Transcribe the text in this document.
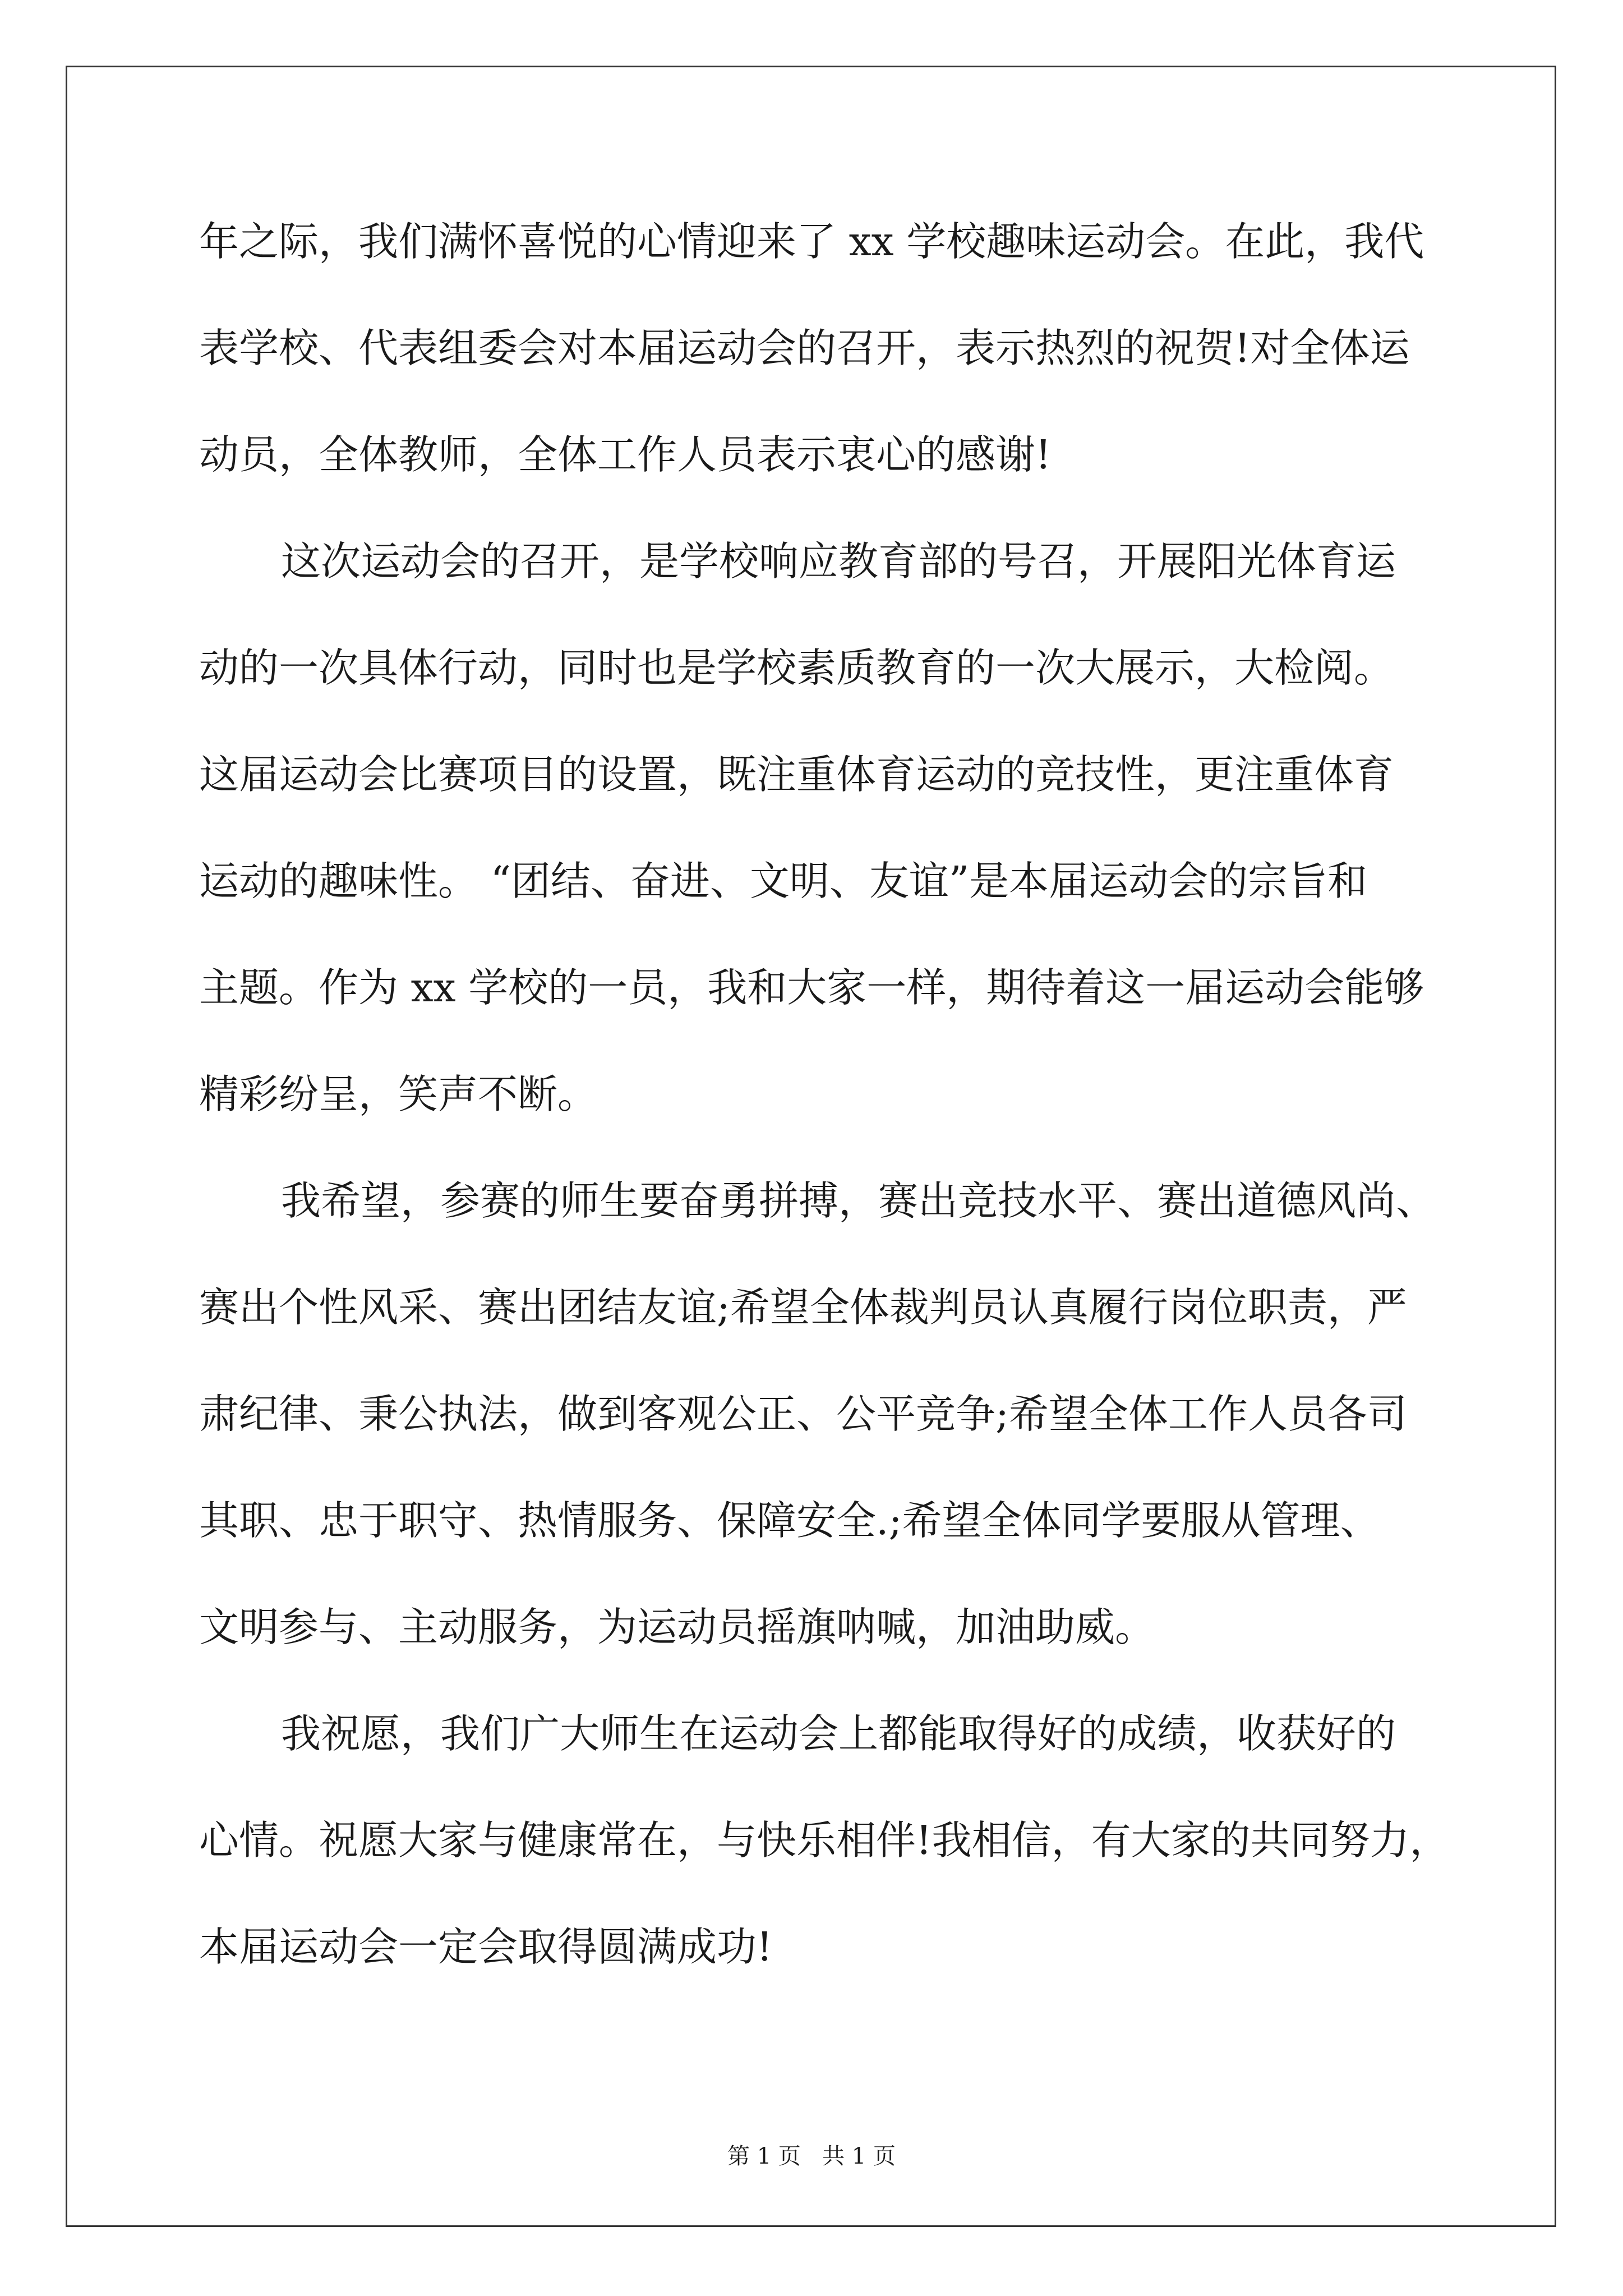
年之际，我们满怀喜悦的心情迎来了 xx 学校趣味运动会。在此，我代
表学校、代表组委会对本届运动会的召开，表示热烈的祝贺!对全体运
动员，全体教师，全体工作人员表示衷心的感谢!
这次运动会的召开，是学校响应教育部的号召，开展阳光体育运
动的一次具体行动，同时也是学校素质教育的一次大展示，大检阅。
这届运动会比赛项目的设置，既注重体育运动的竞技性，更注重体育
运动的趣味性。 “团结、奋进、文明、友谊”是本届运动会的宗旨和
主题。作为 xx 学校的一员，我和大家一样，期待着这一届运动会能够
精彩纷呈，笑声不断。
我希望，参赛的师生要奋勇拼搏，赛出竞技水平、赛出道德风尚、
赛出个性风采、赛出团结友谊;希望全体裁判员认真履行岗位职责，严
肃纪律、秉公执法，做到客观公正、公平竞争;希望全体工作人员各司
其职、忠于职守、热情服务、保障安全.;希望全体同学要服从管理、
文明参与、主动服务，为运动员摇旗呐喊，加油助威。
我祝愿，我们广大师生在运动会上都能取得好的成绩，收获好的
心情。祝愿大家与健康常在，与快乐相伴!我相信，有大家的共同努力，
本届运动会一定会取得圆满成功!
第 1 页   共 1 页
